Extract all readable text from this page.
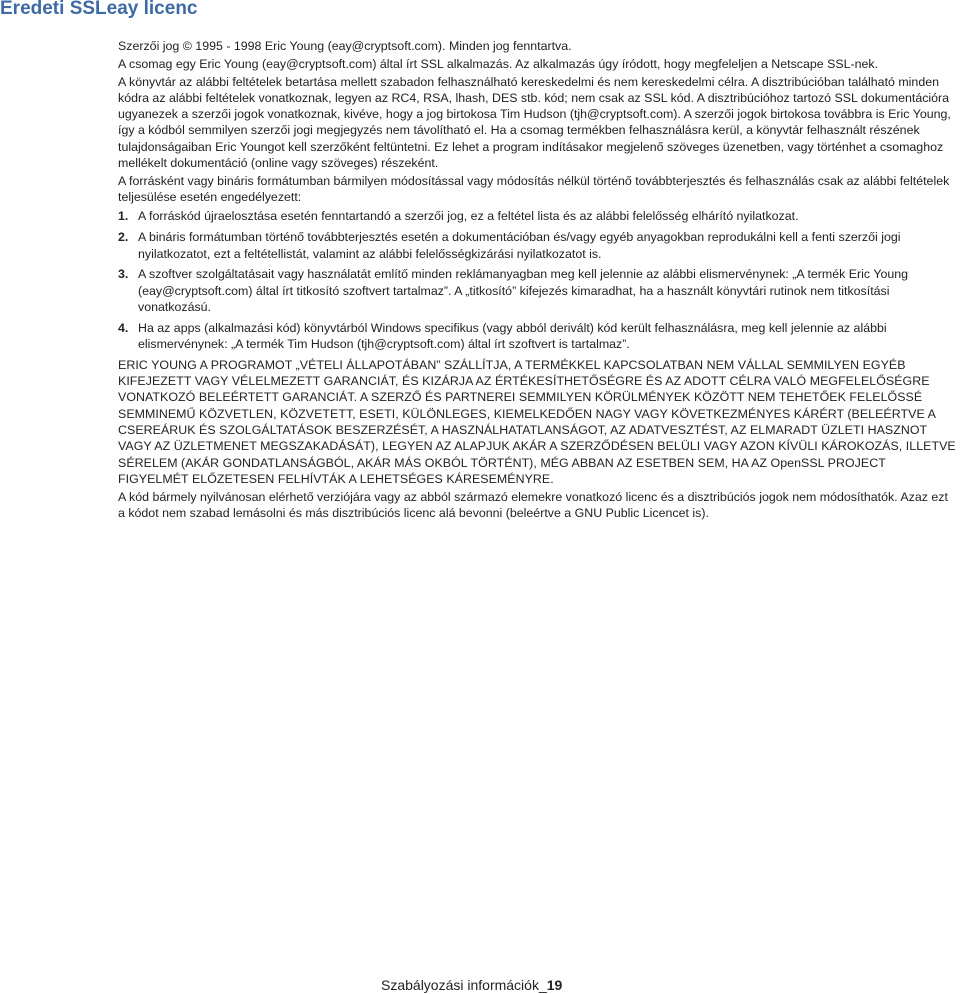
Eredeti SSLeay licenc

Szerzői jog © 1995 - 1998 Eric Young (eay@cryptsoft.com). Minden jog fenntartva.

A csomag egy Eric Young (eay@cryptsoft.com) által írt SSL alkalmazás. Az alkalmazás úgy íródott, hogy megfeleljen a Netscape SSL-nek.

A könyvtár az alábbi feltételek betartása mellett szabadon felhasználható kereskedelmi és nem kereskedelmi célra. A disztribúcióban található minden kódra az alábbi feltételek vonatkoznak, legyen az RC4, RSA, lhash, DES stb. kód; nem csak az SSL kód. A disztribúcióhoz tartozó SSL dokumentációra ugyanezek a szerzői jogok vonatkoznak, kivéve, hogy a jog birtokosa Tim Hudson (tjh@cryptsoft.com). A szerzői jogok birtokosa továbbra is Eric Young, így a kódból semmilyen szerzői jogi megjegyzés nem távolítható el. Ha a csomag termékben felhasználásra kerül, a könyvtár felhasznált részének tulajdonságaiban Eric Youngot kell szerzőként feltüntetni. Ez lehet a program indításakor megjelenő szöveges üzenetben, vagy történhet a csomaghoz mellékelt dokumentáció (online vagy szöveges) részeként.

A forrásként vagy bináris formátumban bármilyen módosítással vagy módosítás nélkül történő továbbterjesztés és felhasználás csak az alábbi feltételek teljesülése esetén engedélyezett:

1. A forráskód újraelosztása esetén fenntartandó a szerzői jog, ez a feltétel lista és az alábbi felelősség elhárító nyilatkozat.
2. A bináris formátumban történő továbbterjesztés esetén a dokumentációban és/vagy egyéb anyagokban reprodukálni kell a fenti szerzői jogi nyilatkozatot, ezt a feltétellistát, valamint az alábbi felelősségkizárási nyilatkozatot is.
3. A szoftver szolgáltatásait vagy használatát említő minden reklámanyagban meg kell jelennie az alábbi elismervénynek: „A termék Eric Young (eay@cryptsoft.com) által írt titkosító szoftvert tartalmaz”. A „titkosító” kifejezés kimaradhat, ha a használt könyvtári rutinok nem titkosítási vonatkozású.
4. Ha az apps (alkalmazási kód) könyvtárból Windows specifikus (vagy abból derivált) kód került felhasználásra, meg kell jelennie az alábbi elismervénynek: „A termék Tim Hudson (tjh@cryptsoft.com) által írt szoftvert is tartalmaz”.

ERIC YOUNG A PROGRAMOT „VÉTELI ÁLLAPOTÁBAN” SZÁLLÍTJA, A TERMÉKKEL KAPCSOLATBAN NEM VÁLLAL SEMMILYEN EGYÉB KIFEJEZETT VAGY VÉLELMEZETT GARANCIÁT, ÉS KIZÁRJA AZ ÉRTÉKESÍTHETŐSÉGRE ÉS AZ ADOTT CÉLRA VALÓ MEGFELELŐSÉGRE VONATKOZÓ BELEÉRTETT GARANCIÁT. A SZERZŐ ÉS PARTNEREI SEMMILYEN KÖRÜLMÉNYEK KÖZÖTT NEM TEHETŐEK FELELŐSSÉ SEMMINEMŰ KÖZVETLEN, KÖZVETETT, ESETI, KÜLÖNLEGES, KIEMELKEDŐEN NAGY VAGY KÖVETKEZMÉNYES KÁRÉRT (BELEÉRTVE A CSEREÁRUK ÉS SZOLGÁLTATÁSOK BESZERZÉSÉT, A HASZNÁLHATATLANSÁGOT, AZ ADATVESZTÉST, AZ ELMARADT ÜZLETI HASZNOT VAGY AZ ÜZLETMENET MEGSZAKADÁSÁT), LEGYEN AZ ALAPJUK AKÁR A SZERZŐDÉSEN BELÜLI VAGY AZON KÍVÜLI KÁROKOZÁS, ILLETVE SÉRELEM (AKÁR GONDATLANSÁGBÓL, AKÁR MÁS OKBÓL TÖRTÉNT), MÉG ABBAN AZ ESETBEN SEM, HA AZ OpenSSL PROJECT FIGYELMÉT ELŐZETESEN FELHÍVTÁK A LEHETSÉGES KÁRESEMÉNYRE.

A kód bármely nyilvánosan elérhető verziójára vagy az abból származó elemekre vonatkozó licenc és a disztribúciós jogok nem módosíthatók. Azaz ezt a kódot nem szabad lemásolni és más disztribúciós licenc alá bevonni (beleértve a GNU Public Licencet is).

Szabályozási információk_19
